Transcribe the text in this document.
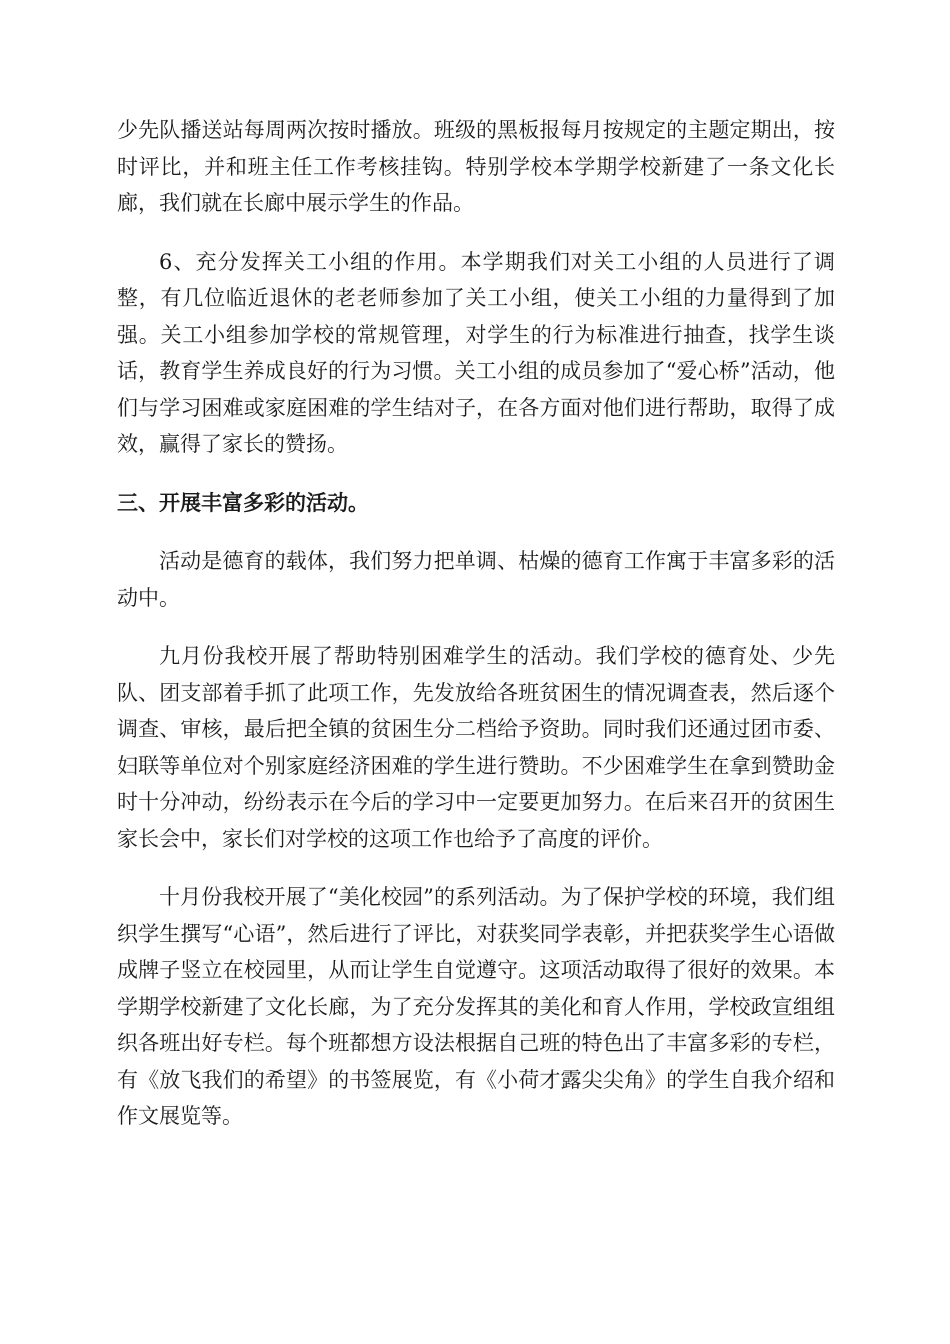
少先队播送站每周两次按时播放。班级的黑板报每月按规定的主题定期出，按时评比，并和班主任工作考核挂钩。特别学校本学期学校新建了一条文化长廊，我们就在长廊中展示学生的作品。

6、充分发挥关工小组的作用。本学期我们对关工小组的人员进行了调整，有几位临近退休的老老师参加了关工小组，使关工小组的力量得到了加强。关工小组参加学校的常规管理，对学生的行为标准进行抽查，找学生谈话，教育学生养成良好的行为习惯。关工小组的成员参加了“爱心桥”活动，他们与学习困难或家庭困难的学生结对子，在各方面对他们进行帮助，取得了成效，赢得了家长的赞扬。

三、开展丰富多彩的活动。

活动是德育的载体，我们努力把单调、枯燥的德育工作寓于丰富多彩的活动中。

九月份我校开展了帮助特别困难学生的活动。我们学校的德育处、少先队、团支部着手抓了此项工作，先发放给各班贫困生的情况调查表，然后逐个调查、审核，最后把全镇的贫困生分二档给予资助。同时我们还通过团市委、妇联等单位对个别家庭经济困难的学生进行赞助。不少困难学生在拿到赞助金时十分冲动，纷纷表示在今后的学习中一定要更加努力。在后来召开的贫困生家长会中，家长们对学校的这项工作也给予了高度的评价。

十月份我校开展了“美化校园”的系列活动。为了保护学校的环境，我们组织学生撰写“心语”，然后进行了评比，对获奖同学表彰，并把获奖学生心语做成牌子竖立在校园里，从而让学生自觉遵守。这项活动取得了很好的效果。本学期学校新建了文化长廊，为了充分发挥其的美化和育人作用，学校政宣组组织各班出好专栏。每个班都想方设法根据自己班的特色出了丰富多彩的专栏，有《放飞我们的希望》的书签展览，有《小荷才露尖尖角》的学生自我介绍和作文展览等。
